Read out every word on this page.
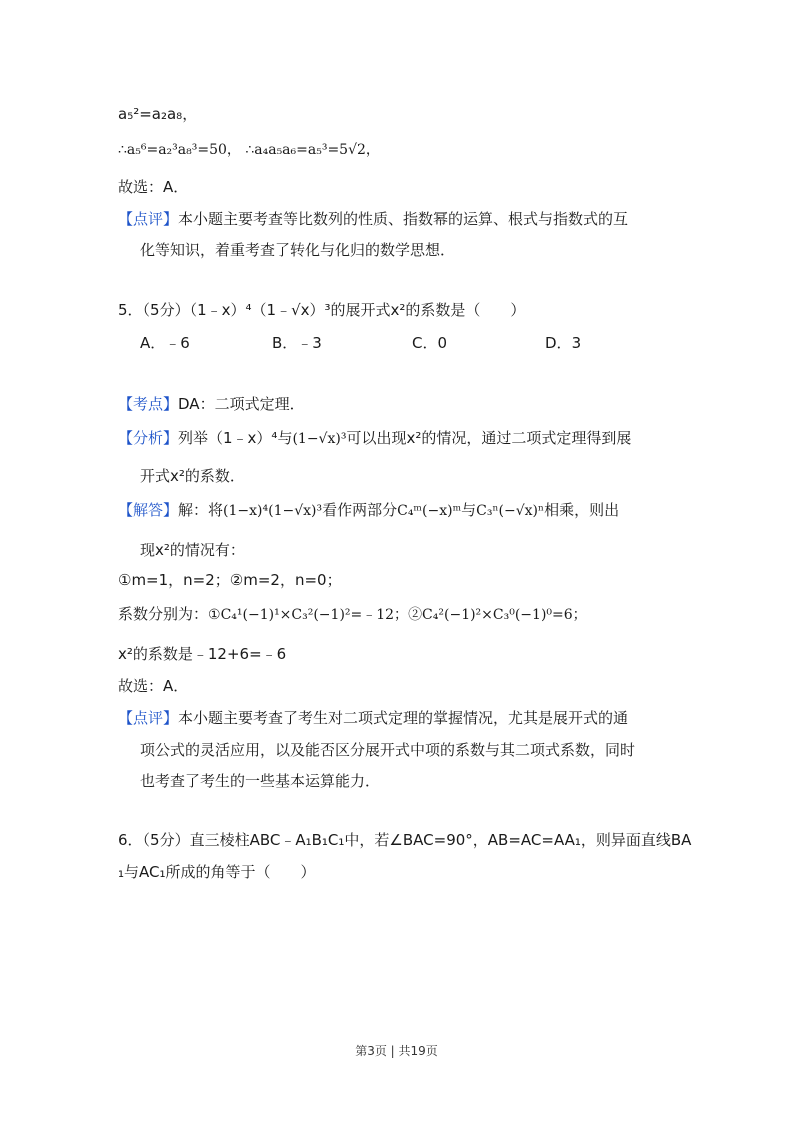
a₅²=a₂a₈，
∴a₅⁶=a₂³a₈³=50， ∴a₄a₅a₆=a₅³=5√2，
故选：A．
【点评】本小题主要考查等比数列的性质、指数幂的运算、根式与指数式的互
化等知识，着重考查了转化与化归的数学思想．
5．（5分）（1﹣x）⁴（1﹣√x）³的展开式x²的系数是（　　）
A．﹣6	B．﹣3	C．0	D．3
【考点】DA：二项式定理．
【分析】列举（1﹣x）⁴与(1−√x)³可以出现x²的情况，通过二项式定理得到展
开式x²的系数．
【解答】解：将(1−x)⁴(1−√x)³看作两部分C₄ᵐ(−x)ᵐ与C₃ⁿ(−√x)ⁿ相乘，则出
现x²的情况有：
①m=1，n=2；②m=2，n=0；
系数分别为：①C₄¹(−1)¹×C₃²(−1)²=﹣12；②C₄²(−1)²×C₃⁰(−1)⁰=6；
x²的系数是﹣12+6=﹣6
故选：A．
【点评】本小题主要考查了考生对二项式定理的掌握情况，尤其是展开式的通
项公式的灵活应用，以及能否区分展开式中项的系数与其二项式系数，同时
也考查了考生的一些基本运算能力．
6．（5分）直三棱柱ABC﹣A₁B₁C₁中，若∠BAC=90°，AB=AC=AA₁，则异面直线BA
₁与AC₁所成的角等于（　　）
第3页 | 共19页
